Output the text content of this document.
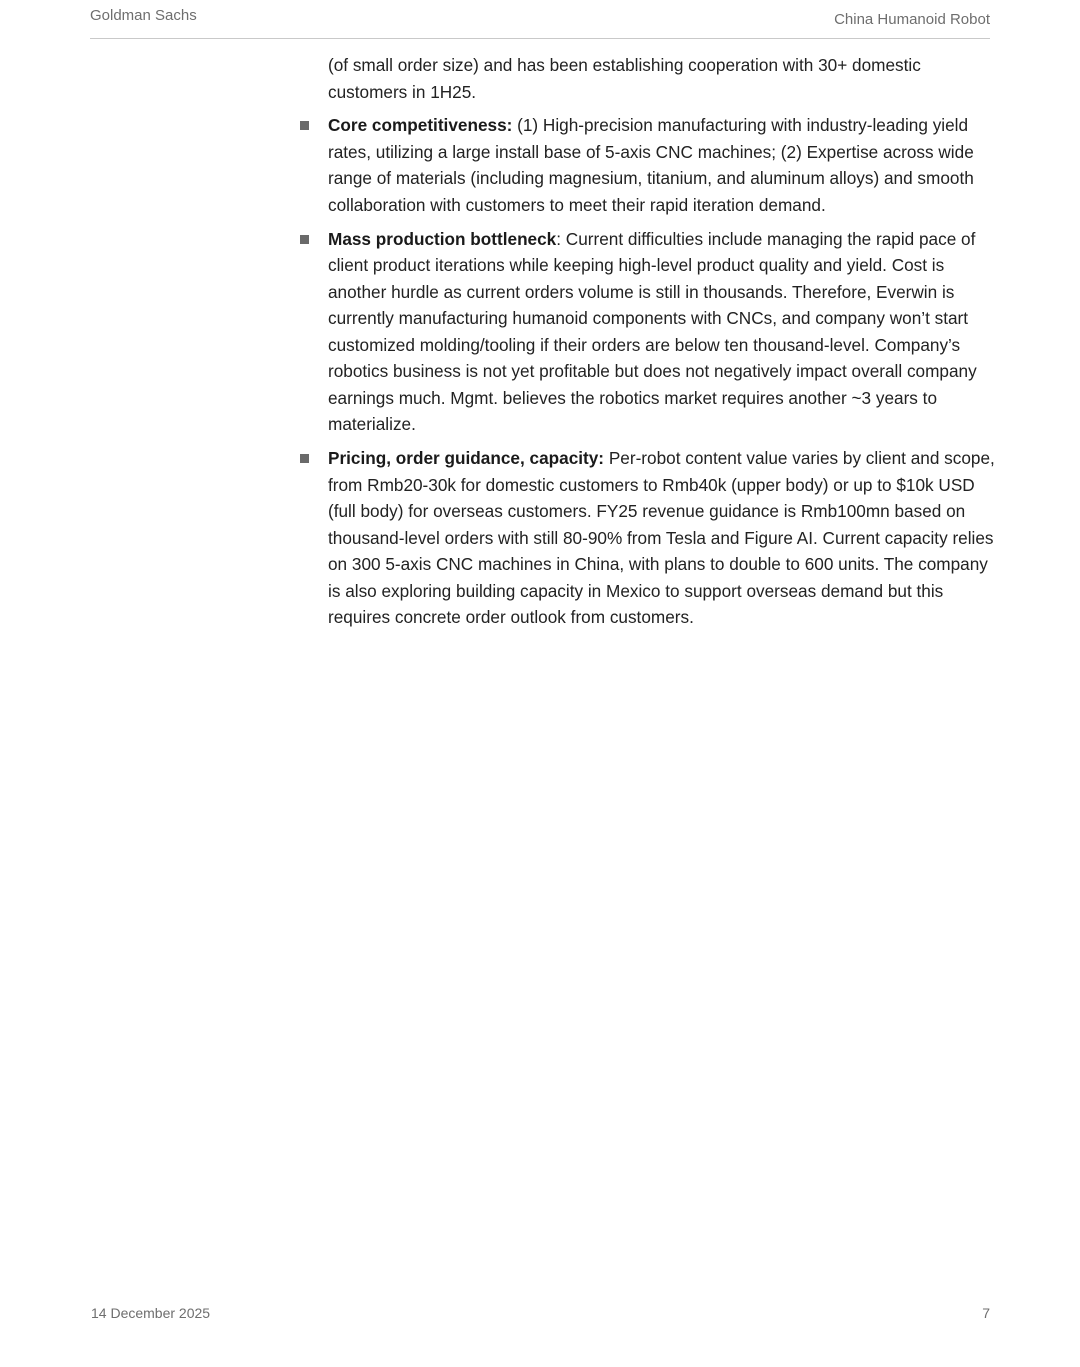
Goldman Sachs	China Humanoid Robot

(of small order size) and has been establishing cooperation with 30+ domestic customers in 1H25.

Core competitiveness: (1) High-precision manufacturing with industry-leading yield rates, utilizing a large install base of 5-axis CNC machines; (2) Expertise across wide range of materials (including magnesium, titanium, and aluminum alloys) and smooth collaboration with customers to meet their rapid iteration demand.
Mass production bottleneck: Current difficulties include managing the rapid pace of client product iterations while keeping high-level product quality and yield. Cost is another hurdle as current orders volume is still in thousands. Therefore, Everwin is currently manufacturing humanoid components with CNCs, and company won’t start customized molding/tooling if their orders are below ten thousand-level. Company’s robotics business is not yet profitable but does not negatively impact overall company earnings much. Mgmt. believes the robotics market requires another ~3 years to materialize.
Pricing, order guidance, capacity: Per-robot content value varies by client and scope, from Rmb20-30k for domestic customers to Rmb40k (upper body) or up to $10k USD (full body) for overseas customers. FY25 revenue guidance is Rmb100mn based on thousand-level orders with still 80-90% from Tesla and Figure AI. Current capacity relies on 300 5-axis CNC machines in China, with plans to double to 600 units. The company is also exploring building capacity in Mexico to support overseas demand but this requires concrete order outlook from customers.
14 December 2025	7
